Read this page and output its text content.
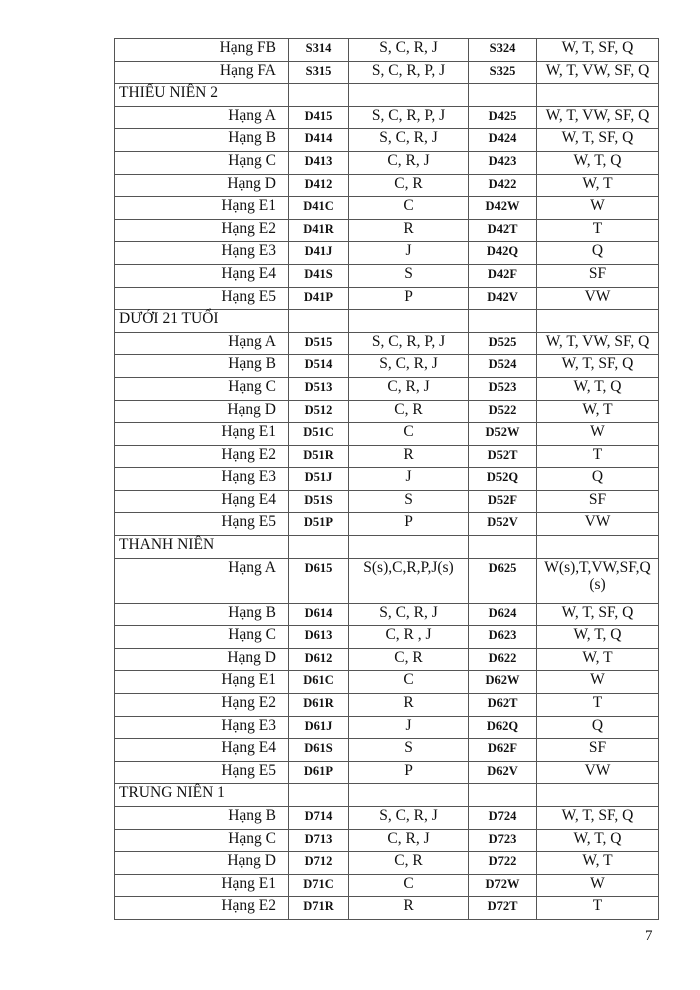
Hạng FB	S314	S, C, R, J	S324	W, T, SF, Q
Hạng FA	S315	S, C, R, P, J	S325	W, T, VW, SF, Q
THIẾU NIÊN 2				
Hạng A	D415	S, C, R, P, J	D425	W, T, VW, SF, Q
Hạng B	D414	S, C, R, J	D424	W, T, SF, Q
Hạng C	D413	C, R, J	D423	W, T, Q
Hạng D	D412	C, R	D422	W, T
Hạng E1	D41C	C	D42W	W
Hạng E2	D41R	R	D42T	T
Hạng E3	D41J	J	D42Q	Q
Hạng E4	D41S	S	D42F	SF
Hạng E5	D41P	P	D42V	VW
DƯỚI 21 TUỔI				
Hạng A	D515	S, C, R, P, J	D525	W, T, VW, SF, Q
Hạng B	D514	S, C, R, J	D524	W, T, SF, Q
Hạng C	D513	C, R, J	D523	W, T, Q
Hạng D	D512	C, R	D522	W, T
Hạng E1	D51C	C	D52W	W
Hạng E2	D51R	R	D52T	T
Hạng E3	D51J	J	D52Q	Q
Hạng E4	D51S	S	D52F	SF
Hạng E5	D51P	P	D52V	VW
THANH NIÊN				
Hạng A	D615	S(s),C,R,P,J(s)	D625	W(s),T,VW,SF,Q (s)
Hạng B	D614	S, C, R, J	D624	W, T, SF, Q
Hạng C	D613	C, R , J	D623	W, T, Q
Hạng D	D612	C, R	D622	W, T
Hạng E1	D61C	C	D62W	W
Hạng E2	D61R	R	D62T	T
Hạng E3	D61J	J	D62Q	Q
Hạng E4	D61S	S	D62F	SF
Hạng E5	D61P	P	D62V	VW
TRUNG NIÊN 1				
Hạng B	D714	S, C, R, J	D724	W, T, SF, Q
Hạng C	D713	C, R, J	D723	W, T, Q
Hạng D	D712	C, R	D722	W, T
Hạng E1	D71C	C	D72W	W
Hạng E2	D71R	R	D72T	T
7
